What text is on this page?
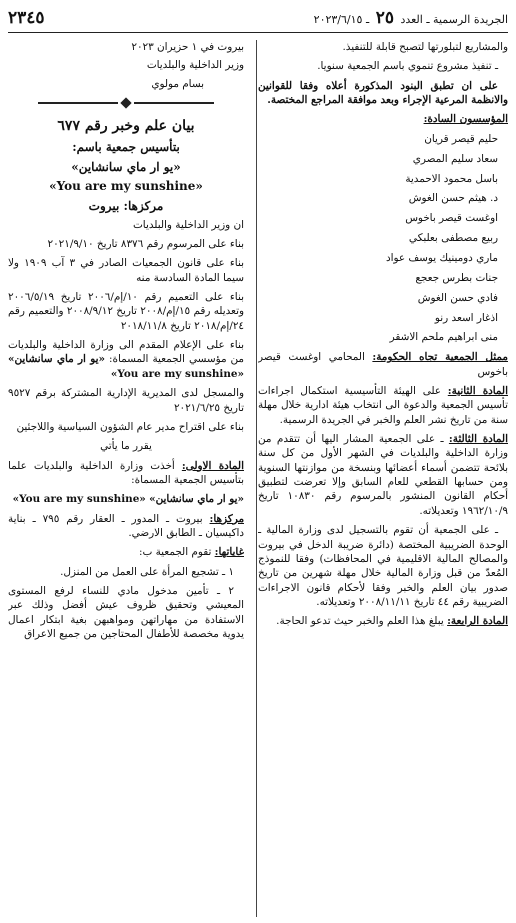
الجريدة الرسمية ـ العدد ٢٥ ـ ٢٠٢٣/٦/١٥
٢٣٤٥

والمشاريع لتبلورتها لتصبح قابلة للتنفيذ.

ـ تنفيذ مشروع تنموي باسم الجمعية سنويا.

على ان تطبق البنود المذكورة أعلاه وفقا للقوانين والانظمة المرعية الإجراء وبعد موافقة المراجع المختصة.

المؤسسون السادة:

حليم قيصر قريان
سعاد سليم المصري
باسل محمود الاحمدية
د. هيثم حسن الغوش
اوغست قيصر باخوس
ربيع مصطفى بعلبكي
ماري دومينيك يوسف عواد
جنات بطرس جعجع
فادي حسن الغوش
اذغار اسعد رنو
منى ابراهيم ملحم الاشقر

ممثل الجمعية تجاه الحكومة: المحامي اوغست قيصر باخوس

المادة الثانية: على الهيئة التأسيسية استكمال اجراءات تأسيس الجمعية والدعوة الى انتخاب هيئة ادارية خلال مهلة سنة من تاريخ نشر العلم والخبر في الجريدة الرسمية.

المادة الثالثة: ـ على الجمعية المشار اليها أن تتقدم من وزارة الداخلية والبلديات في الشهر الأول من كل سنة بلائحة تتضمن أسماء أعضائها وبنسخة من موازنتها السنوية ومن حسابها القطعي للعام السابق وإلا تعرضت لتطبيق أحكام القانون المنشور بالمرسوم رقم ١٠٨٣٠ تاريخ ١٩٦٢/١٠/٩ وتعديلاته.

ـ على الجمعية أن تقوم بالتسجيل لدى وزارة المالية ـ الوحدة الضريبية المختصة (دائرة ضريبة الدخل في بيروت والمصالح المالية الاقليمية في المحافظات) وفقا للنموذج المُعدّ من قبل وزارة المالية خلال مهلة شهرين من تاريخ صدور بيان العلم والخبر وفقا لأحكام قانون الاجراءات الضريبية رقم ٤٤ تاريخ ٢٠٠٨/١١/١١ وتعديلاته.

المادة الرابعة: يبلغ هذا العلم والخبر حيث تدعو الحاجة.

بيروت في ١ حزيران ٢٠٢٣

وزير الداخلية والبلديات

بسام مولوي

بيان علم وخبر رقم ٦٧٧

بتأسيس جمعية باسم:

«يو ار ماي سانشاين»

«You are my sunshine»

مركزها: بيروت

ان وزير الداخلية والبلديات

بناء على المرسوم رقم ٨٣٧٦ تاريخ ٢٠٢١/٩/١٠

بناء على قانون الجمعيات الصادر في ٣ آب ١٩٠٩ ولا سيما المادة السادسة منه

بناء على التعميم رقم ١٠/إم/٢٠٠٦ تاريخ ٢٠٠٦/٥/١٩ وتعديله رقم ١٥/إم/٢٠٠٨ تاريخ ٢٠٠٨/٩/١٢ والتعميم رقم ٢٤/إم/٢٠١٨ تاريخ ٢٠١٨/١١/٨

بناء على الإعلام المقدم الى وزارة الداخلية والبلديات من مؤسسي الجمعية المسماة: «يو ار ماي سانشاين» «You are my sunshine»

والمسجل لدى المديرية الإدارية المشتركة برقم ٩٥٢٧ تاريخ ٢٠٢١/٦/٢٥

بناء على اقتراح مدير عام الشؤون السياسية واللاجئين

يقرر ما يأتي

المادة الاولى: أخذت وزارة الداخلية والبلديات علما بتأسيس الجمعية المسماة:

«يو ار ماي سانشاين» «You are my sunshine»

مركزها: بيروت ـ المدور ـ العقار رقم ٧٩٥ ـ بناية داكيسيان ـ الطابق الارضي.

غاياتها: تقوم الجمعية ب:

١ ـ تشجيع المرأة على العمل من المنزل.

٢ ـ تأمين مدخول مادي للنساء لرفع المستوى المعيشي وتحقيق ظروف عيش أفضل وذلك عبر الاستفادة من مهاراتهن ومواهبهن بغية ابتكار اعمال يدوية مخصصة للأطفال المحتاجين من جميع الاعراق
